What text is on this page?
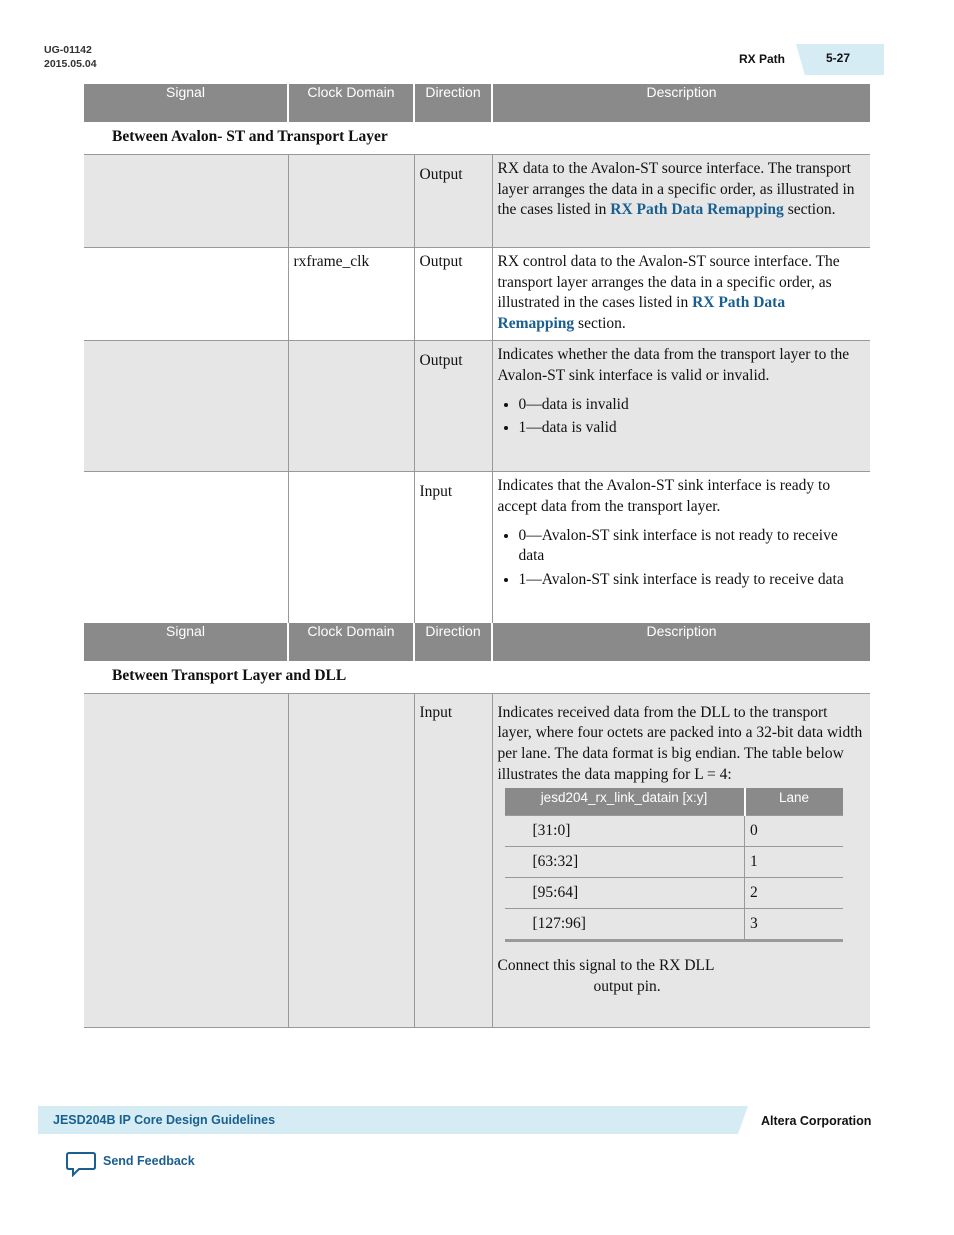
UG-01142
2015.05.04	RX Path	5-27
Signal	Clock Domain	Direction	Description
Between Avalon- ST and Transport Layer
		Output	RX data to the Avalon-ST source interface. The transport layer arranges the data in a specific order, as illustrated in the cases listed in RX Path Data Remapping section.
	rxframe_clk	Output	RX control data to the Avalon-ST source interface. The transport layer arranges the data in a specific order, as illustrated in the cases listed in RX Path Data Remapping section.
		Output	Indicates whether the data from the transport layer to the Avalon-ST sink interface is valid or invalid.
• 0—data is invalid
• 1—data is valid

		Input	Indicates that the Avalon-ST sink interface is ready to accept data from the transport layer.
• 0—Avalon-ST sink interface is not ready to receive data
• 1—Avalon-ST sink interface is ready to receive data

Signal	Clock Domain	Direction	Description
Between Transport Layer and DLL
		Input	Indicates received data from the DLL to the transport layer, where four octets are packed into a 32-bit data width per lane. The data format is big endian. The table below illustrates the data mapping for L = 4:
jesd204_rx_link_datain [x:y]	Lane
[31:0]	0
[63:32]	1
[95:64]	2
[127:96]	3
Connect this signal to the RX DLL
output pin.
JESD204B IP Core Design Guidelines	Altera Corporation
Send Feedback
